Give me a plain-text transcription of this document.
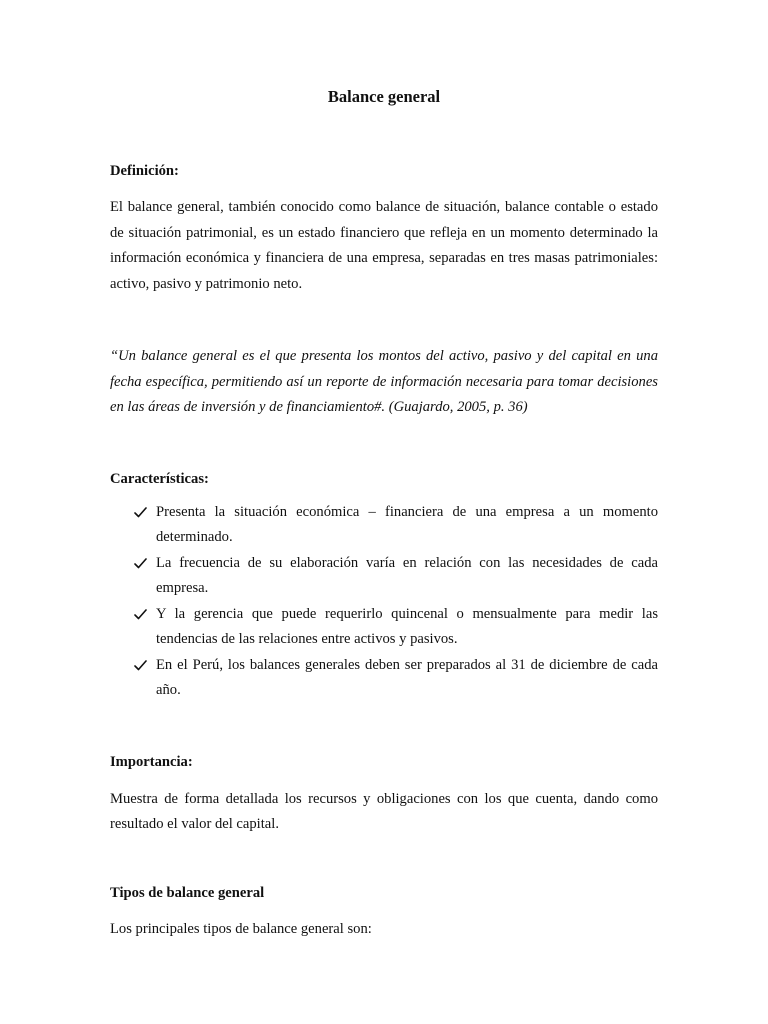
Balance general

Definición:

El balance general, también conocido como balance de situación, balance contable o estado de situación patrimonial, es un estado financiero que refleja en un momento determinado la información económica y financiera de una empresa, separadas en tres masas patrimoniales: activo, pasivo y patrimonio neto.

“Un balance general es el que presenta los montos del activo, pasivo y del capital en una fecha específica, permitiendo así un reporte de información necesaria para tomar decisiones en las áreas de inversión y de financiamiento#. (Guajardo, 2005, p. 36)

Características:

Presenta la situación económica – financiera de una empresa a un momento determinado.
La frecuencia de su elaboración varía en relación con las necesidades de cada empresa.
Y la gerencia que puede requerirlo quincenal o mensualmente para medir las tendencias de las relaciones entre activos y pasivos.
En el Perú, los balances generales deben ser preparados al 31 de diciembre de cada año.

Importancia:

Muestra de forma detallada los recursos y obligaciones con los que cuenta, dando como resultado el valor del capital.

Tipos de balance general

Los principales tipos de balance general son:
